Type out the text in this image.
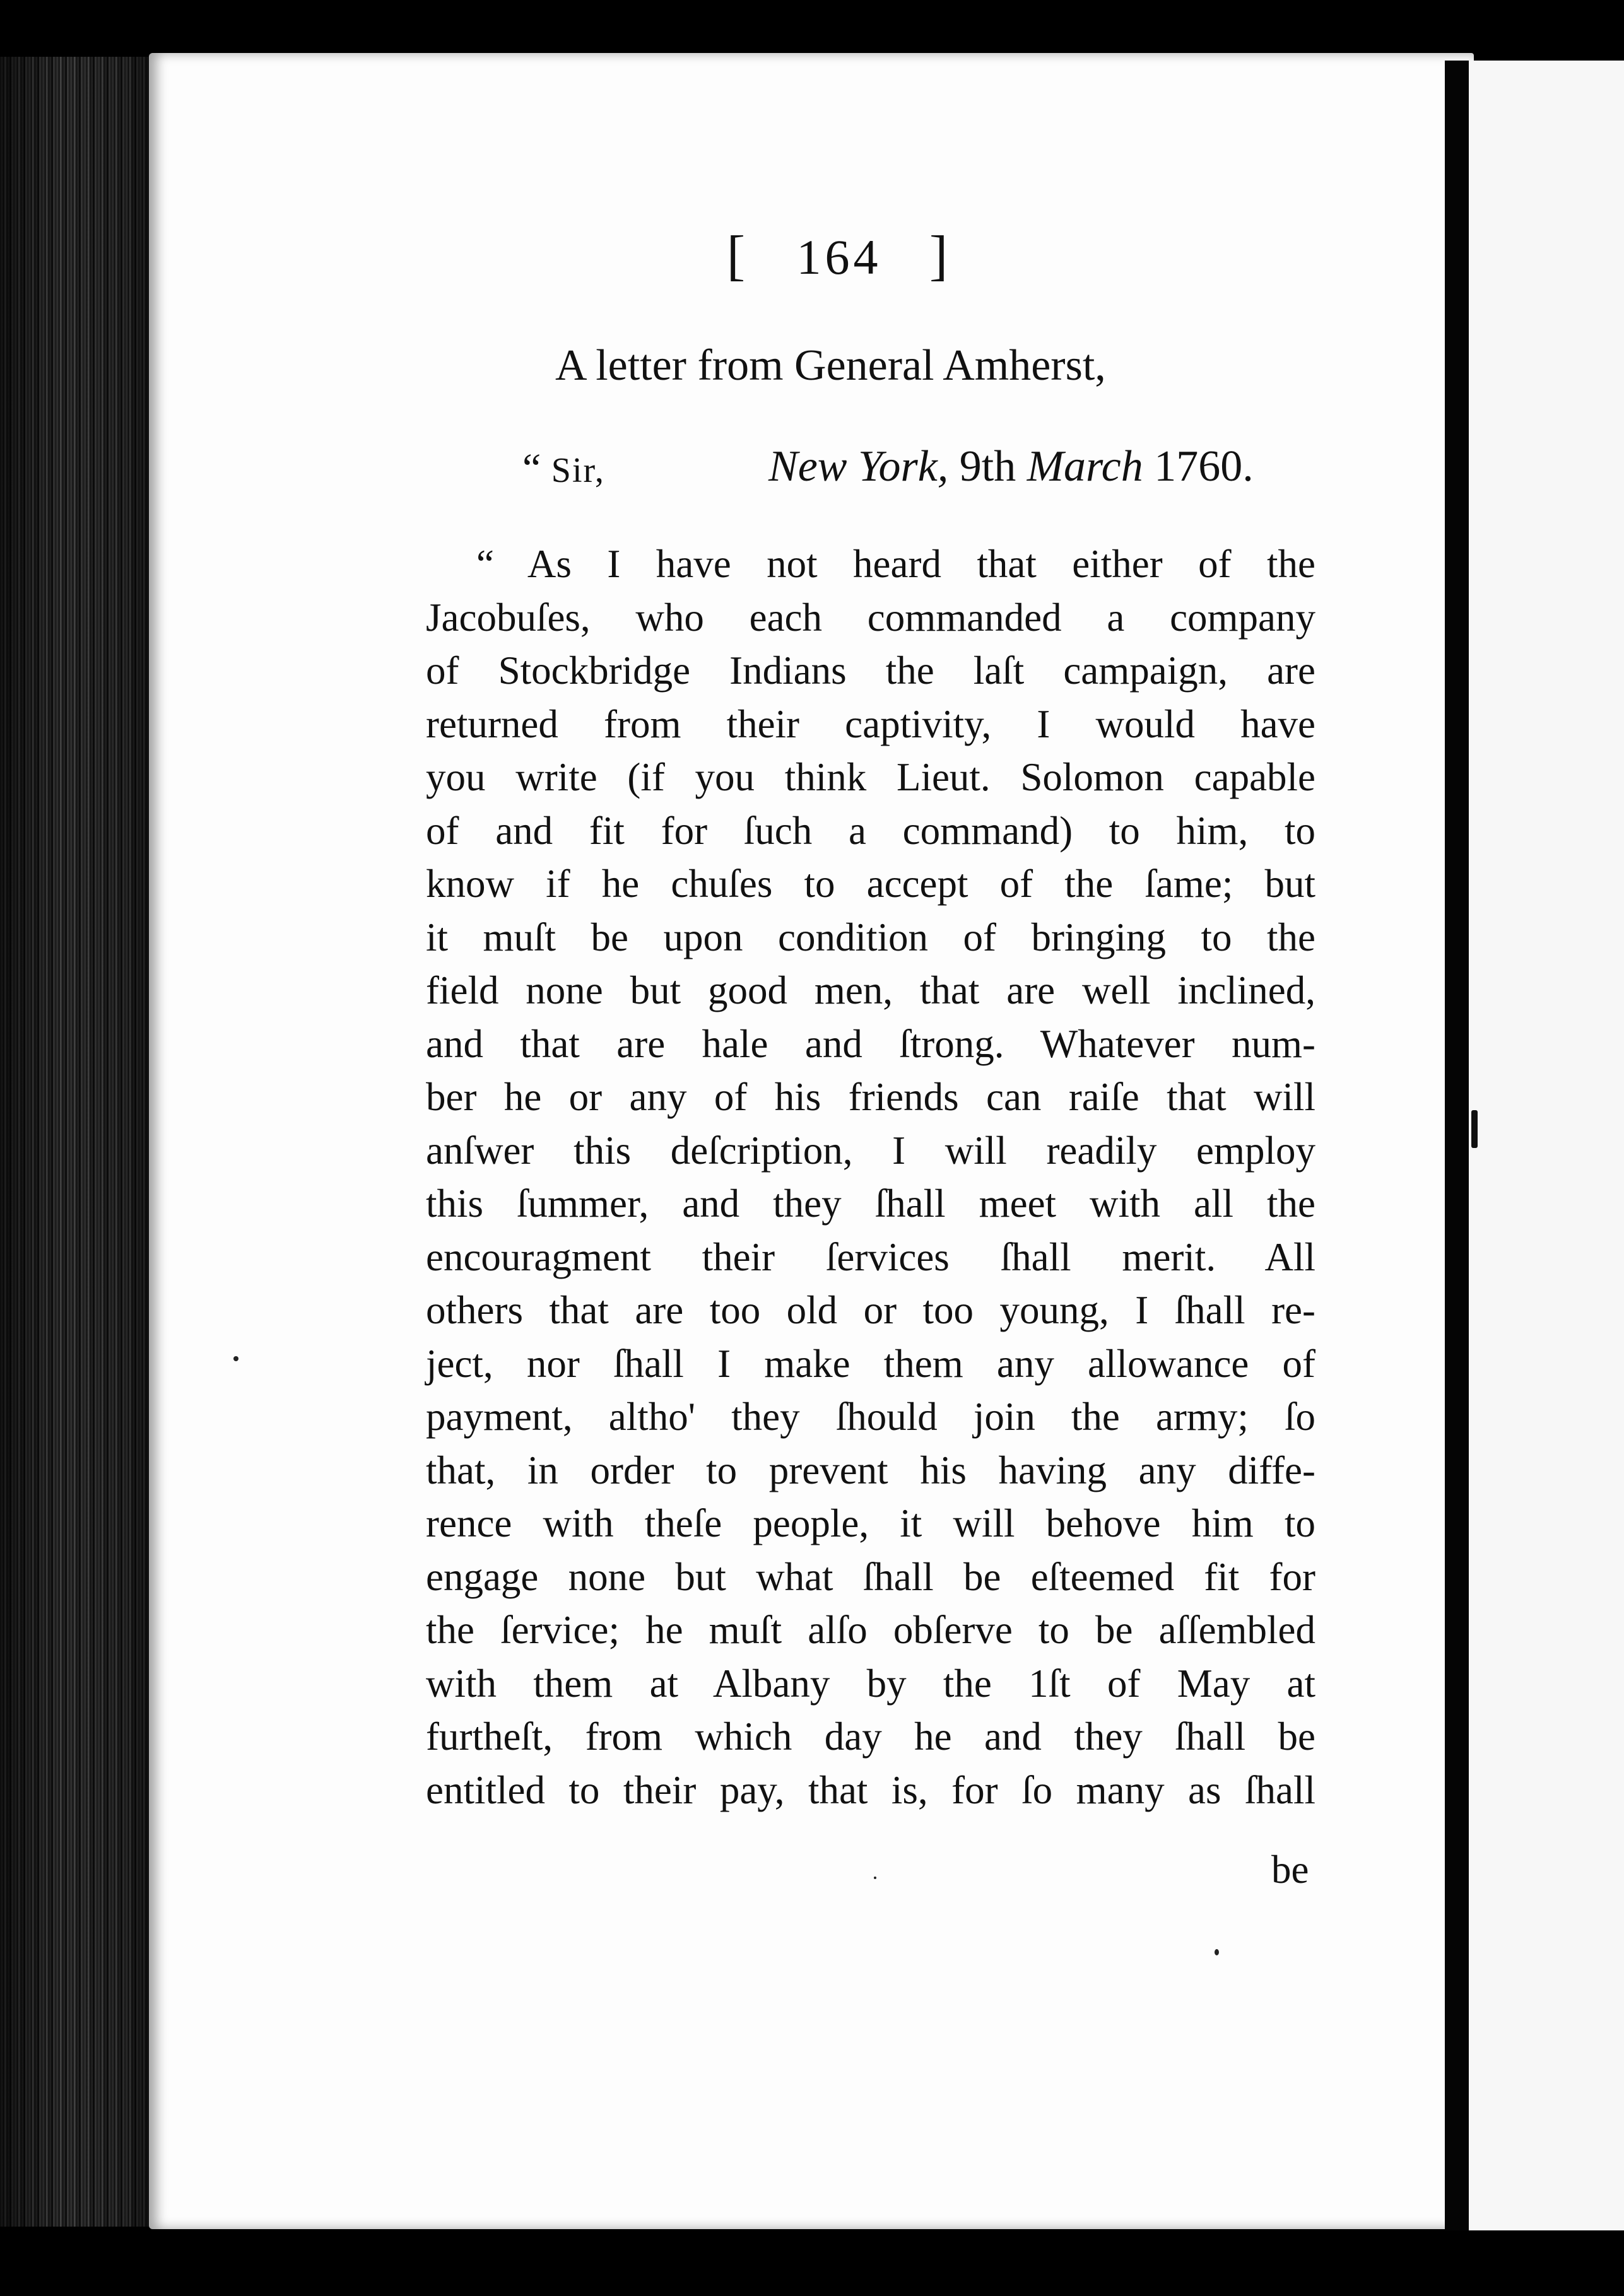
[ 164 ]
A letter from General Amherst,
“ Sir,	New York, 9th March 1760.
“ As I have not heard that either of the
Jacobuſes, who each commanded a company
of Stockbridge Indians the laſt campaign, are
returned from their captivity, I would have
you write (if you think Lieut. Solomon capable
of and fit for ſuch a command) to him, to
know if he chuſes to accept of the ſame; but
it muſt be upon condition of bringing to the
field none but good men, that are well inclined,
and that are hale and ſtrong. Whatever num-
ber he or any of his friends can raiſe that will
anſwer this deſcription, I will readily employ
this ſummer, and they ſhall meet with all the
encouragment their ſervices ſhall merit. All
others that are too old or too young, I ſhall re-
ject, nor ſhall I make them any allowance of
payment, altho' they ſhould join the army; ſo
that, in order to prevent his having any diffe-
rence with theſe people, it will behove him to
engage none but what ſhall be eſteemed fit for
the ſervice; he muſt alſo obſerve to be aſſembled
with them at Albany by the 1ſt of May at
furtheſt, from which day he and they ſhall be
entitled to their pay, that is, for ſo many as ſhall
be
